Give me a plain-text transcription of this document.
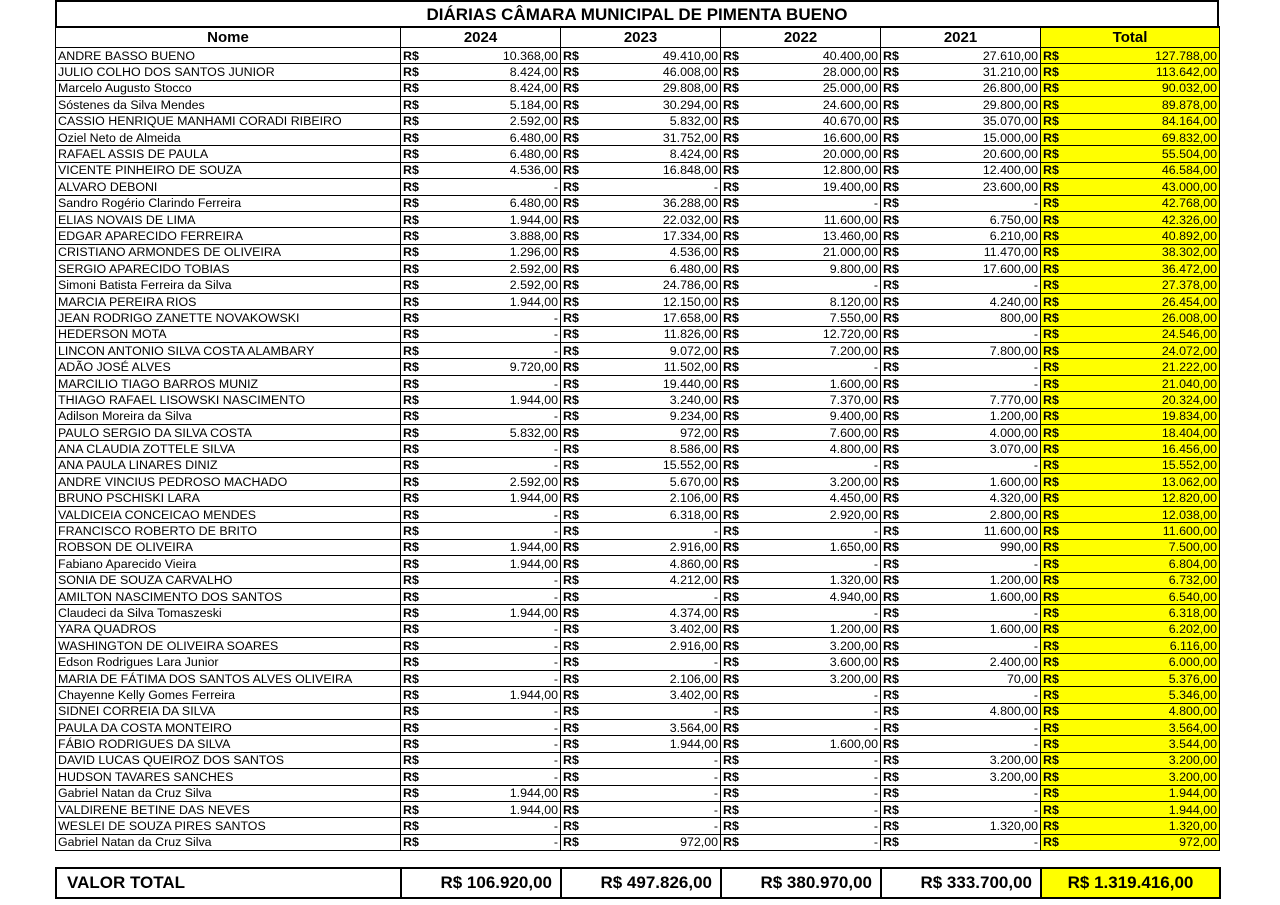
DIÁRIAS CÂMARA MUNICIPAL DE PIMENTA BUENO
Nome	2024		2023		2022		2021		Total	
ANDRE BASSO BUENO	R$	10.368,00	R$	49.410,00	R$	40.400,00	R$	27.610,00	R$	127.788,00
JULIO COLHO DOS SANTOS JUNIOR	R$	8.424,00	R$	46.008,00	R$	28.000,00	R$	31.210,00	R$	113.642,00
Marcelo Augusto Stocco	R$	8.424,00	R$	29.808,00	R$	25.000,00	R$	26.800,00	R$	90.032,00
Sóstenes da Silva Mendes	R$	5.184,00	R$	30.294,00	R$	24.600,00	R$	29.800,00	R$	89.878,00
CASSIO HENRIQUE MANHAMI CORADI RIBEIRO	R$	2.592,00	R$	5.832,00	R$	40.670,00	R$	35.070,00	R$	84.164,00
Oziel Neto de Almeida	R$	6.480,00	R$	31.752,00	R$	16.600,00	R$	15.000,00	R$	69.832,00
RAFAEL ASSIS DE PAULA	R$	6.480,00	R$	8.424,00	R$	20.000,00	R$	20.600,00	R$	55.504,00
VICENTE PINHEIRO DE SOUZA	R$	4.536,00	R$	16.848,00	R$	12.800,00	R$	12.400,00	R$	46.584,00
ALVARO DEBONI	R$	-	R$	-	R$	19.400,00	R$	23.600,00	R$	43.000,00
Sandro Rogério Clarindo Ferreira	R$	6.480,00	R$	36.288,00	R$	-	R$	-	R$	42.768,00
ELIAS NOVAIS DE LIMA	R$	1.944,00	R$	22.032,00	R$	11.600,00	R$	6.750,00	R$	42.326,00
EDGAR APARECIDO FERREIRA	R$	3.888,00	R$	17.334,00	R$	13.460,00	R$	6.210,00	R$	40.892,00
CRISTIANO ARMONDES DE OLIVEIRA	R$	1.296,00	R$	4.536,00	R$	21.000,00	R$	11.470,00	R$	38.302,00
SERGIO APARECIDO TOBIAS	R$	2.592,00	R$	6.480,00	R$	9.800,00	R$	17.600,00	R$	36.472,00
Simoni Batista Ferreira da Silva	R$	2.592,00	R$	24.786,00	R$	-	R$	-	R$	27.378,00
MARCIA PEREIRA RIOS	R$	1.944,00	R$	12.150,00	R$	8.120,00	R$	4.240,00	R$	26.454,00
JEAN RODRIGO ZANETTE NOVAKOWSKI	R$	-	R$	17.658,00	R$	7.550,00	R$	800,00	R$	26.008,00
HEDERSON MOTA	R$	-	R$	11.826,00	R$	12.720,00	R$	-	R$	24.546,00
LINCON ANTONIO SILVA COSTA ALAMBARY	R$	-	R$	9.072,00	R$	7.200,00	R$	7.800,00	R$	24.072,00
ADÃO JOSÉ ALVES	R$	9.720,00	R$	11.502,00	R$	-	R$	-	R$	21.222,00
MARCILIO TIAGO BARROS MUNIZ	R$	-	R$	19.440,00	R$	1.600,00	R$	-	R$	21.040,00
THIAGO RAFAEL LISOWSKI NASCIMENTO	R$	1.944,00	R$	3.240,00	R$	7.370,00	R$	7.770,00	R$	20.324,00
Adilson Moreira da Silva	R$	-	R$	9.234,00	R$	9.400,00	R$	1.200,00	R$	19.834,00
PAULO SERGIO DA SILVA COSTA	R$	5.832,00	R$	972,00	R$	7.600,00	R$	4.000,00	R$	18.404,00
ANA CLAUDIA ZOTTELE SILVA	R$	-	R$	8.586,00	R$	4.800,00	R$	3.070,00	R$	16.456,00
ANA PAULA LINARES DINIZ	R$	-	R$	15.552,00	R$	-	R$	-	R$	15.552,00
ANDRE VINCIUS PEDROSO MACHADO	R$	2.592,00	R$	5.670,00	R$	3.200,00	R$	1.600,00	R$	13.062,00
BRUNO PSCHISKI LARA	R$	1.944,00	R$	2.106,00	R$	4.450,00	R$	4.320,00	R$	12.820,00
VALDICEIA CONCEICAO MENDES	R$	-	R$	6.318,00	R$	2.920,00	R$	2.800,00	R$	12.038,00
FRANCISCO ROBERTO DE BRITO	R$	-	R$	-	R$	-	R$	11.600,00	R$	11.600,00
ROBSON DE OLIVEIRA	R$	1.944,00	R$	2.916,00	R$	1.650,00	R$	990,00	R$	7.500,00
Fabiano Aparecido Vieira	R$	1.944,00	R$	4.860,00	R$	-	R$	-	R$	6.804,00
SONIA DE SOUZA CARVALHO	R$	-	R$	4.212,00	R$	1.320,00	R$	1.200,00	R$	6.732,00
AMILTON NASCIMENTO DOS SANTOS	R$	-	R$	-	R$	4.940,00	R$	1.600,00	R$	6.540,00
Claudeci da Silva Tomaszeski	R$	1.944,00	R$	4.374,00	R$	-	R$	-	R$	6.318,00
YARA QUADROS	R$	-	R$	3.402,00	R$	1.200,00	R$	1.600,00	R$	6.202,00
WASHINGTON DE OLIVEIRA SOARES	R$	-	R$	2.916,00	R$	3.200,00	R$	-	R$	6.116,00
Edson Rodrigues Lara Junior	R$	-	R$	-	R$	3.600,00	R$	2.400,00	R$	6.000,00
MARIA DE FÁTIMA DOS SANTOS ALVES OLIVEIRA	R$	-	R$	2.106,00	R$	3.200,00	R$	70,00	R$	5.376,00
Chayenne Kelly Gomes Ferreira	R$	1.944,00	R$	3.402,00	R$	-	R$	-	R$	5.346,00
SIDNEI CORREIA DA SILVA	R$	-	R$	-	R$	-	R$	4.800,00	R$	4.800,00
PAULA DA COSTA MONTEIRO	R$	-	R$	3.564,00	R$	-	R$	-	R$	3.564,00
FÁBIO RODRIGUES DA SILVA	R$	-	R$	1.944,00	R$	1.600,00	R$	-	R$	3.544,00
DAVID LUCAS QUEIROZ DOS SANTOS	R$	-	R$	-	R$	-	R$	3.200,00	R$	3.200,00
HUDSON TAVARES SANCHES	R$	-	R$	-	R$	-	R$	3.200,00	R$	3.200,00
Gabriel Natan da Cruz Silva	R$	1.944,00	R$	-	R$	-	R$	-	R$	1.944,00
VALDIRENE BETINE DAS NEVES	R$	1.944,00	R$	-	R$	-	R$	-	R$	1.944,00
WESLEI DE SOUZA PIRES SANTOS	R$	-	R$	-	R$	-	R$	1.320,00	R$	1.320,00
Gabriel Natan da Cruz Silva	R$	-	R$	972,00	R$	-	R$	-	R$	972,00
VALOR TOTAL	R$ 106.920,00	R$ 497.826,00	R$ 380.970,00	R$ 333.700,00	R$ 1.319.416,00
